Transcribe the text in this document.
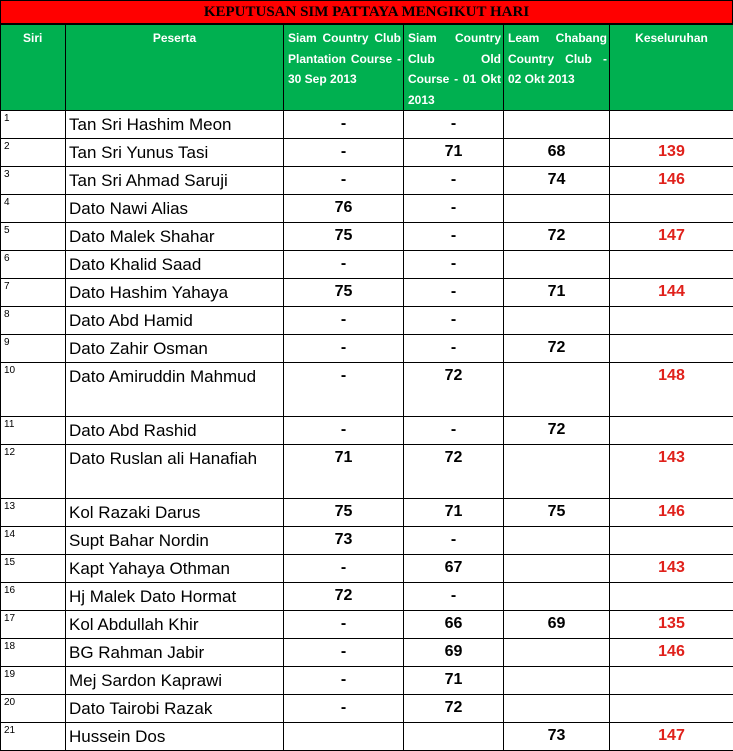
KEPUTUSAN SIM PATTAYA MENGIKUT HARI
Siri	Peserta	Siam Country Club Plantation Course - 30 Sep 2013	Siam Country Club Old Course - 01 Okt 2013	Leam Chabang Country Club - 02 Okt 2013	Keseluruhan
1	Tan Sri Hashim Meon	-	-		
2	Tan Sri Yunus Tasi	-	71	68	139
3	Tan Sri Ahmad Saruji	-	-	74	146
4	Dato Nawi Alias	76	-		
5	Dato Malek Shahar	75	-	72	147
6	Dato Khalid Saad	-	-		
7	Dato Hashim Yahaya	75	-	71	144
8	Dato Abd Hamid	-	-		
9	Dato Zahir Osman	-	-	72	
10	Dato Amiruddin Mahmud	-	72		148
11	Dato Abd Rashid	-	-	72	
12	Dato Ruslan ali Hanafiah	71	72		143
13	Kol Razaki Darus	75	71	75	146
14	Supt Bahar Nordin	73	-		
15	Kapt Yahaya Othman	-	67		143
16	Hj Malek Dato Hormat	72	-		
17	Kol Abdullah Khir	-	66	69	135
18	BG Rahman Jabir	-	69		146
19	Mej Sardon Kaprawi	-	71		
20	Dato Tairobi Razak	-	72		
21	Hussein Dos			73	147
